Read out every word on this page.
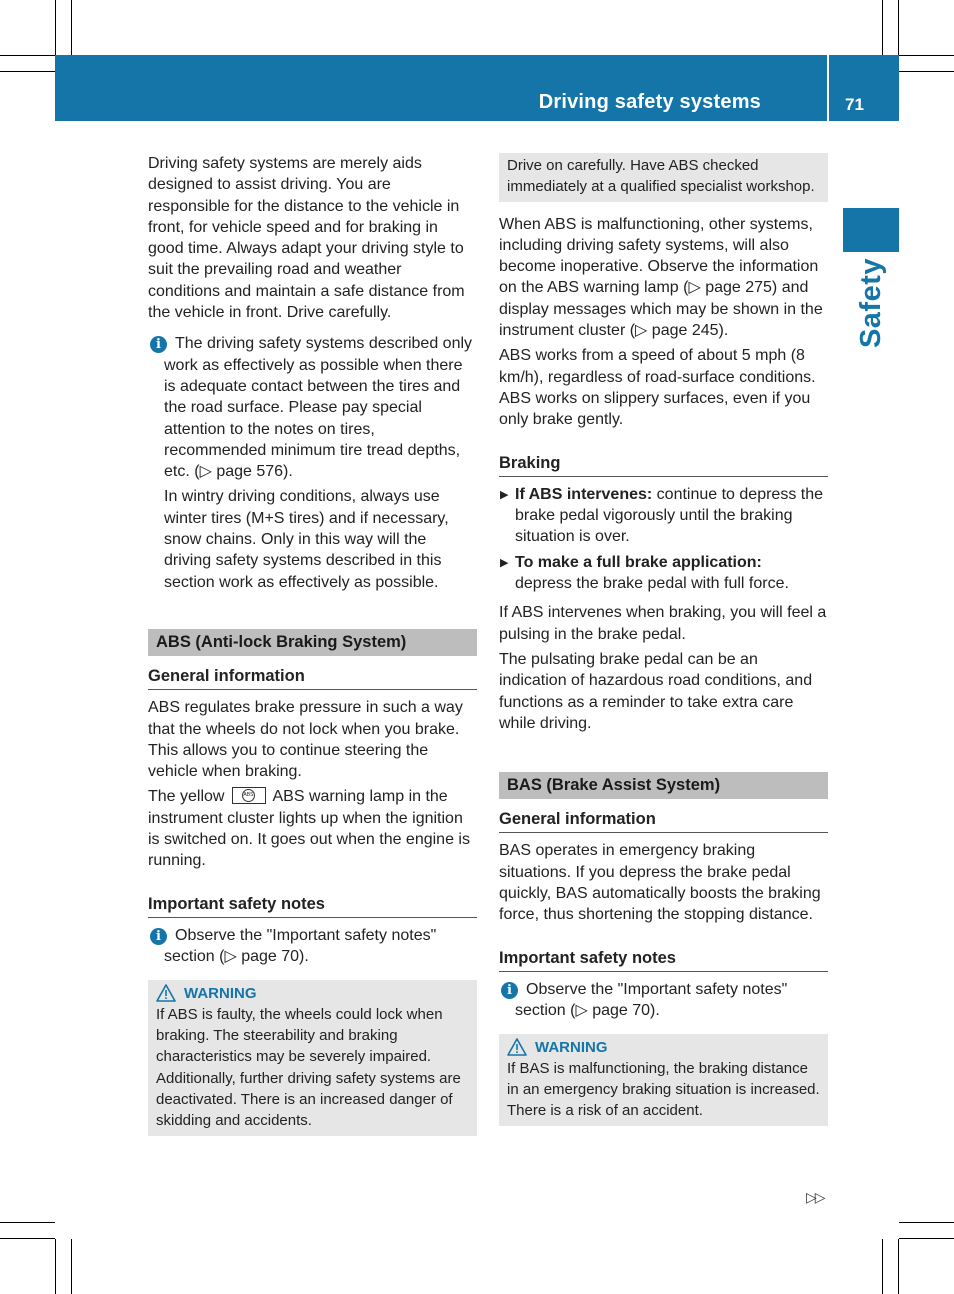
Driving safety systems	71
Safety

Driving safety systems are merely aids designed to assist driving. You are responsible for the distance to the vehicle in front, for vehicle speed and for braking in good time. Always adapt your driving style to suit the prevailing road and weather conditions and maintain a safe distance from the vehicle in front. Drive carefully.

i The driving safety systems described only work as effectively as possible when there is adequate contact between the tires and the road surface. Please pay special attention to the notes on tires, recommended minimum tire tread depths, etc. (▷ page 576).

In wintry driving conditions, always use winter tires (M+S tires) and if necessary, snow chains. Only in this way will the driving safety systems described in this section work as effectively as possible.

ABS (Anti-lock Braking System)
General information

ABS regulates brake pressure in such a way that the wheels do not lock when you brake. This allows you to continue steering the vehicle when braking.

The yellow	ABS ABS warning lamp in the instrument cluster lights up when the ignition is switched on. It goes out when the engine is running.

Important safety notes
i Observe the "Important safety notes" section (▷ page 70).

WARNING
If ABS is faulty, the wheels could lock when braking. The steerability and braking characteristics may be severely impaired. Additionally, further driving safety systems are deactivated. There is an increased danger of skidding and accidents.
Drive on carefully. Have ABS checked immediately at a qualified specialist workshop.

When ABS is malfunctioning, other systems, including driving safety systems, will also become inoperative. Observe the information on the ABS warning lamp (▷ page 275) and display messages which may be shown in the instrument cluster (▷ page 245).

ABS works from a speed of about 5 mph (8 km/h), regardless of road-surface conditions. ABS works on slippery surfaces, even if you only brake gently.

Braking
▶ If ABS intervenes: continue to depress the brake pedal vigorously until the braking situation is over.
▶ To make a full brake application:
depress the brake pedal with full force.

If ABS intervenes when braking, you will feel a pulsing in the brake pedal.

The pulsating brake pedal can be an indication of hazardous road conditions, and functions as a reminder to take extra care while driving.

BAS (Brake Assist System)
General information

BAS operates in emergency braking situations. If you depress the brake pedal quickly, BAS automatically boosts the braking force, thus shortening the stopping distance.

Important safety notes
i Observe the "Important safety notes" section (▷ page 70).

WARNING
If BAS is malfunctioning, the braking distance in an emergency braking situation is increased. There is a risk of an accident.
▷▷
